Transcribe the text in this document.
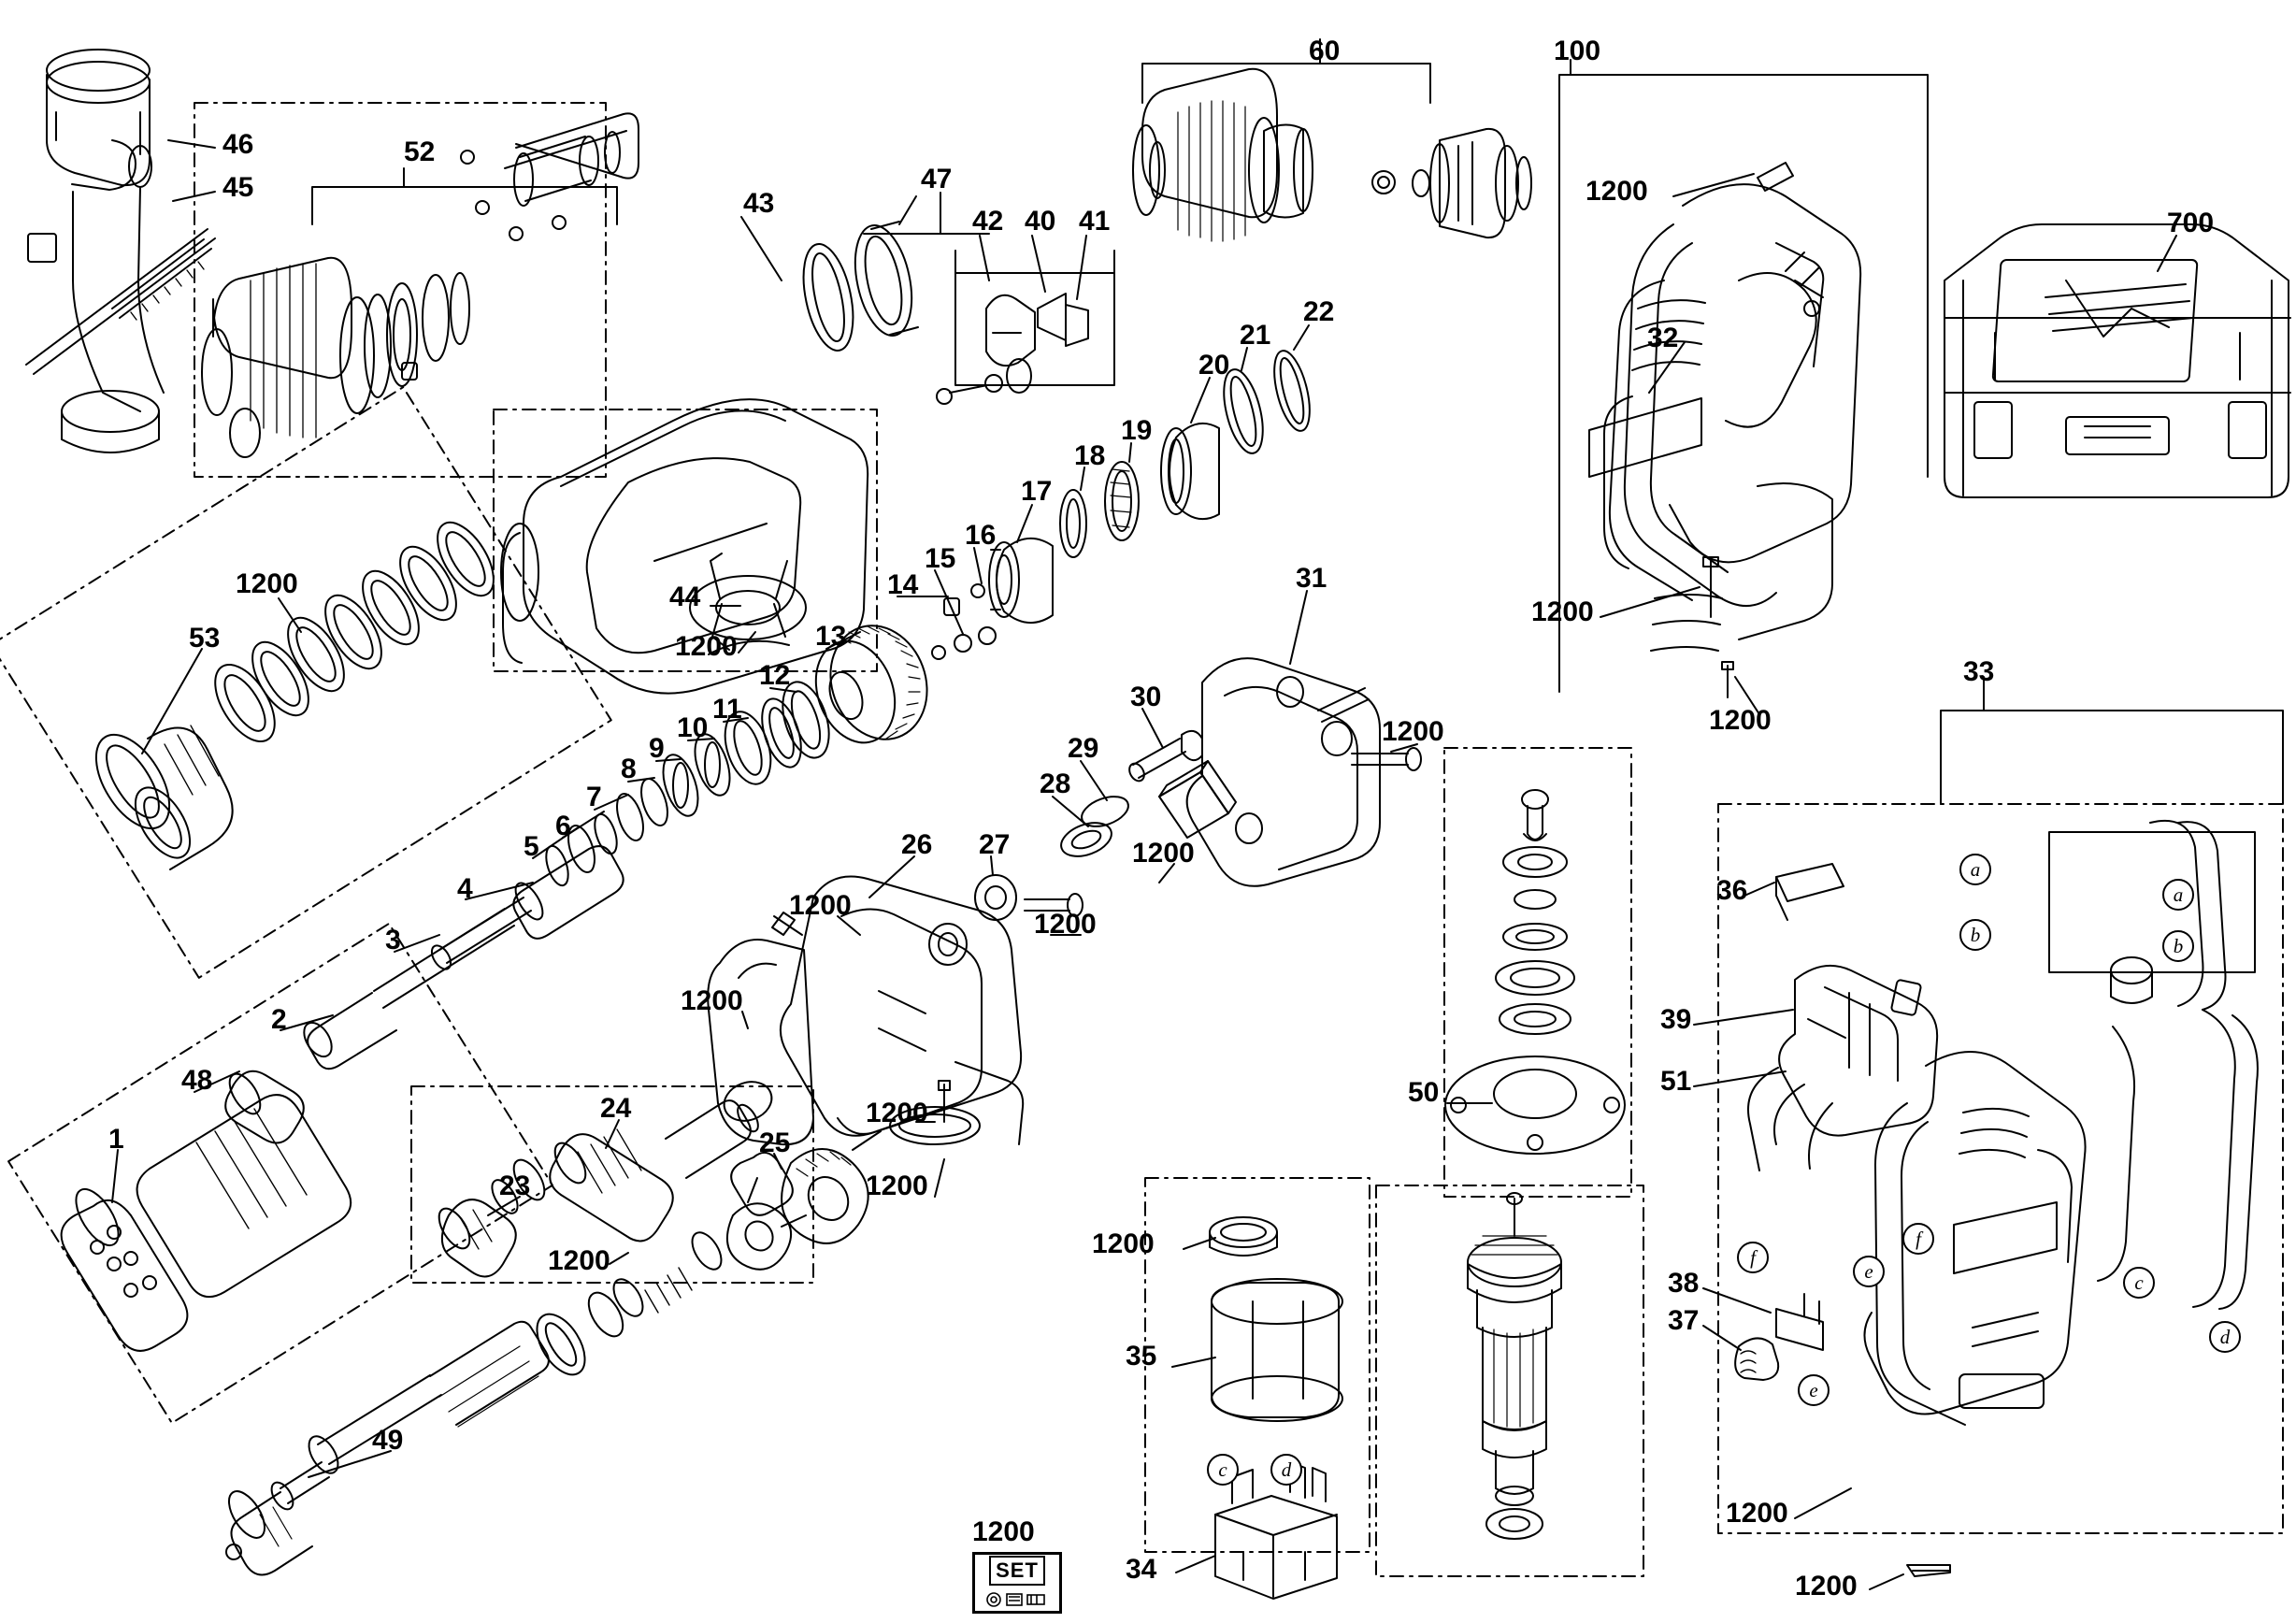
46
45
52
43
47
42 40 41
60	100
700
1200
32
1200
1200
33
22
21
20
19
18
17
16
15
14
13
12
11
10
9
8
7
6
5
4
3
2
48
1
53
1200	44
1200
26 27
28
29
30
31
1200
1200
1200
1200
1200
1200
1200
24
25
23
1200
49
50
35
1200
34
36
39
51
38
37
1200
1200
a
b
a
b
f
f
e
e
c
d
c	d
1200
SET
